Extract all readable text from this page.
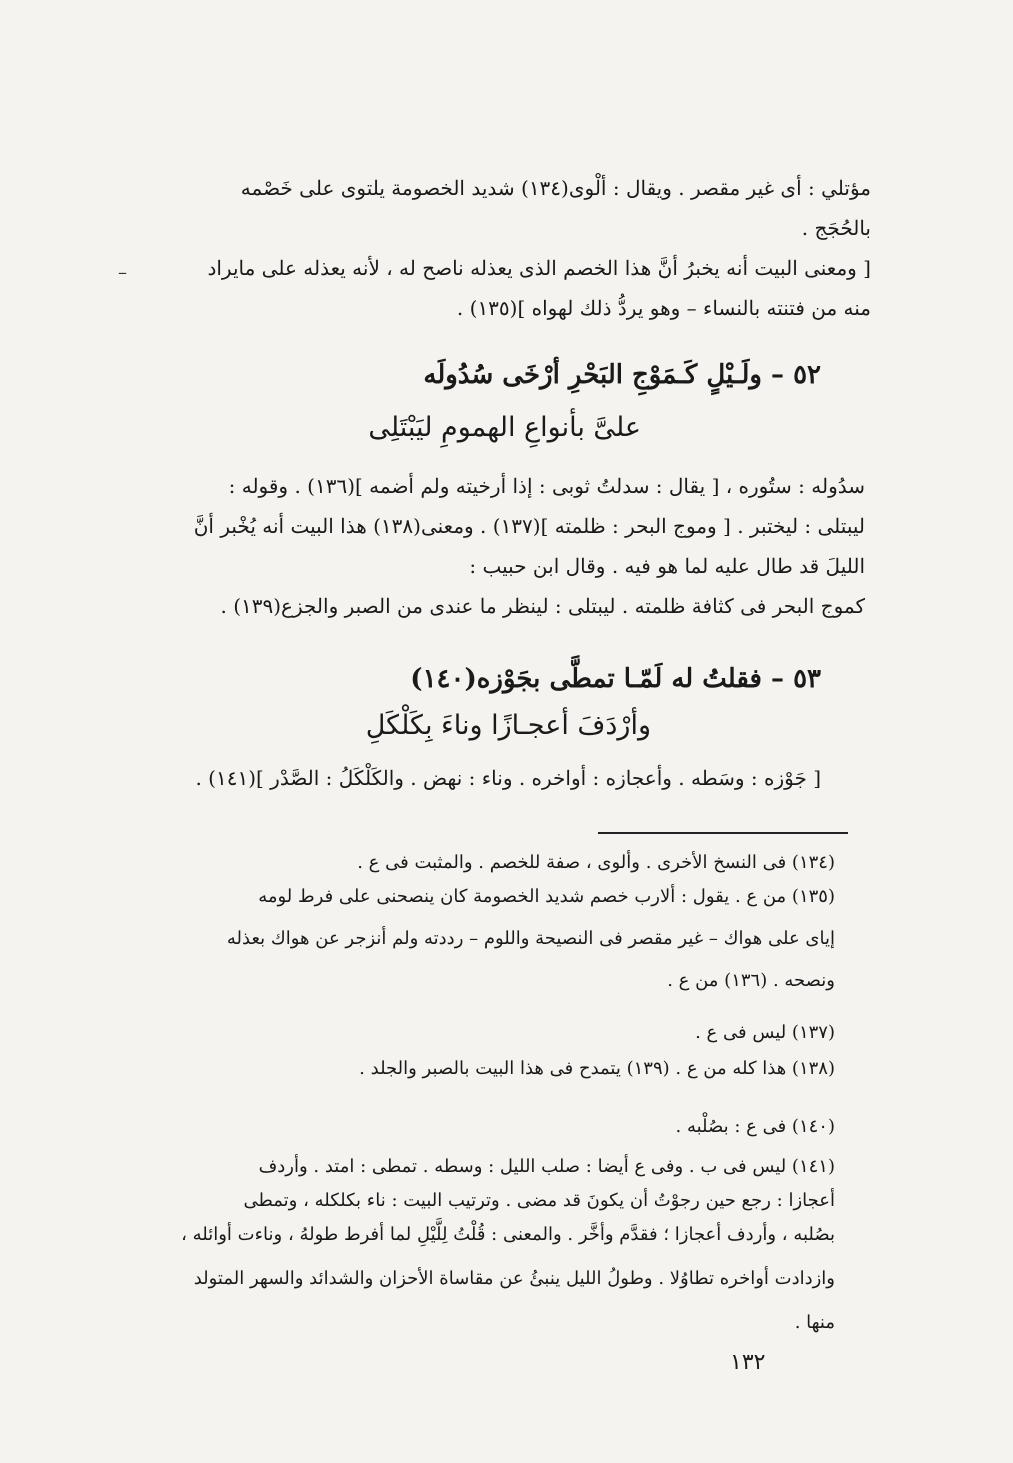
مؤتلي : أى غير مقصر . ويقال : ألْوى(١٣٤) شديد الخصومة يلتوى على خَصْمه
بالحُجَج .
[ ومعنى البيت أنه يخبرُ أنَّ هذا الخصم الذى يعذله ناصح له ، لأنه يعذله على مايراد
منه من فتنته بالنساء – وهو يردُّ ذلك لهواه ](١٣٥) .
٥٢ – ولَـيْلٍ كَـمَوْجِ البَحْرِ أرْخَى سُدُولَه
علىَّ بأنواعِ الهمومِ ليَبْتَلِى
سدُوله : ستُوره ، [ يقال : سدلتُ ثوبى : إذا أرخيته ولم أضمه ](١٣٦) . وقوله :
ليبتلى : ليختبر . [ وموج البحر : ظلمته ](١٣٧) . ومعنى(١٣٨) هذا البيت أنه يُخْبر أنَّ
الليلَ قد طال عليه لما هو فيه . وقال ابن حبيب :
كموج البحر فى كثافة ظلمته . ليبتلى : لينظر ما عندى من الصبر والجزع(١٣٩) .
٥٣ – فقلتُ له لَمّـا تمطَّى بجَوْزه(١٤٠)
وأرْدَفَ أعجـازًا وناءَ بِكَلْكَلِ
[ جَوْزه : وسَطه . وأعجازه : أواخره . وناء : نهض . والكَلْكَلُ : الصَّدْر ](١٤١) .
(١٣٤) فى النسخ الأخرى . وألوى ، صفة للخصم . والمثبت فى ع .
(١٣٥) من ع . يقول : ألارب خصم شديد الخصومة كان ينصحنى على فرط لومه
إياى على هواك – غير مقصر فى النصيحة واللوم – رددته ولم أنزجر عن هواك بعذله
ونصحه . (١٣٦) من ع .
(١٣٧) ليس فى ع .
(١٣٨) هذا كله من ع . (١٣٩) يتمدح فى هذا البيت بالصبر والجلد .
(١٤٠) فى ع : بصُلْبه .
(١٤١) ليس فى ب . وفى ع أيضا : صلب الليل : وسطه . تمطى : امتد . وأردف
أعجازا : رجع حين رجوْتُ أن يكونَ قد مضى . وترتيب البيت : ناء بكلكله ، وتمطى
بصُلبه ، وأردف أعجازا ؛ فقدَّم وأخَّر . والمعنى : قُلْتُ لِلَّيْلِ لما أفرط طولهُ ، وناءت أوائله ،
وازدادت أواخره تطاوُلا . وطولُ الليل ينبئُ عن مقاساة الأحزان والشدائد والسهر المتولد
منها .
١٣٢
–
